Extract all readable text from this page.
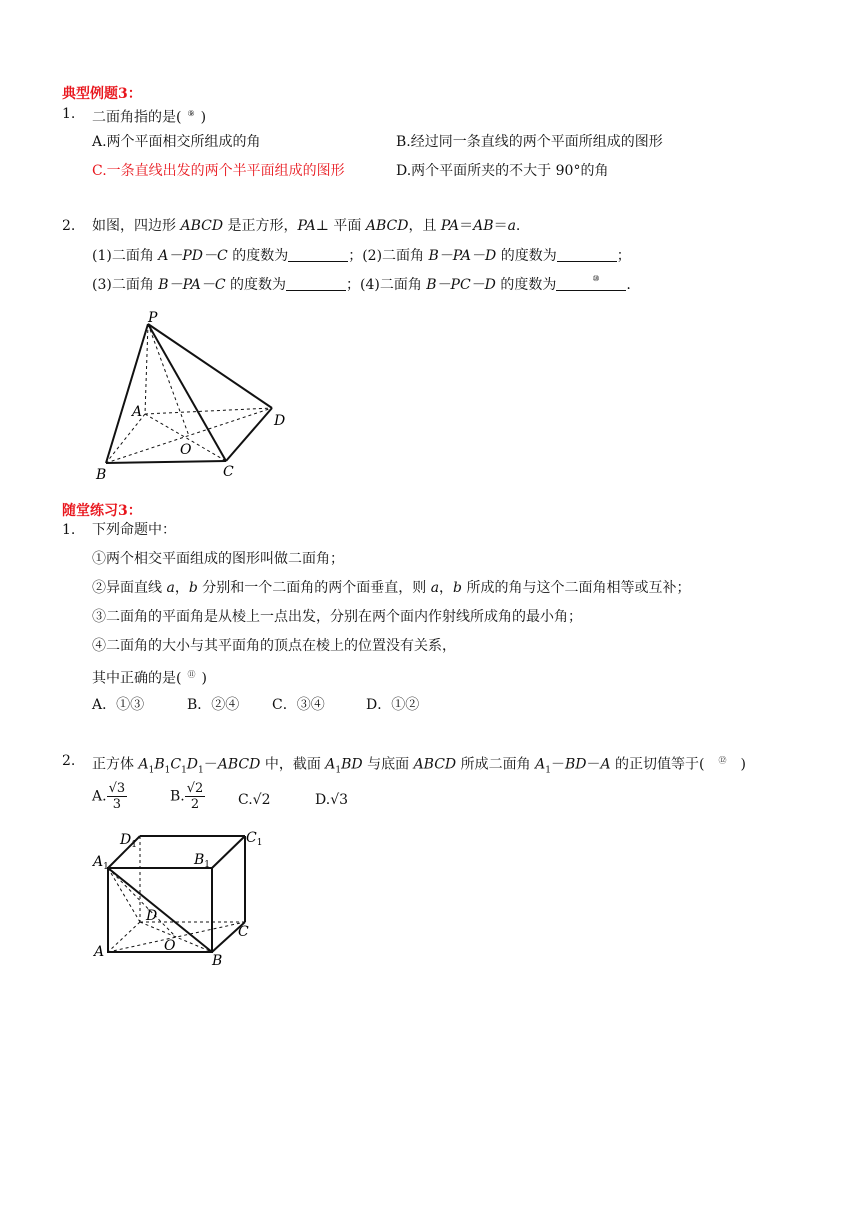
典型例题3：
1. 二面角指的是( ⑨ )
A.两个平面相交所组成的角	B.经过同一条直线的两个平面所组成的图形
C.一条直线出发的两个半平面组成的图形	D.两个平面所夹的不大于 90°的角
2. 如图，四边形 ABCD 是正方形，PA⊥ 平面 ABCD，且 PA＝AB＝a.
(1)二面角 A－PD－C 的度数为	；(2)二面角 B－PA－D 的度数为	；
(3)二面角 B－PA－C 的度数为	；(4)二面角 B－PC－D 的度数为	⑩ .
P
A
B	C
D
O
随堂练习3：
1. 下列命题中：
①两个相交平面组成的图形叫做二面角；
②异面直线 a，b 分别和一个二面角的两个面垂直，则 a，b 所成的角与这个二面角相等或互补；
③二面角的平面角是从棱上一点出发，分别在两个面内作射线所成角的最小角；
④二面角的大小与其平面角的顶点在棱上的位置没有关系，
其中正确的是( ⑪ )
A．①③	B．②④ C．③④	D．①②
2. 正方体 $A_1B_1C_1D_1-ABCD$ 中，截面 $A_1BD$ 与底面 ABCD 所成二面角 $A_1-BD-A$ 的正切值等于( ⑫ )
A. $\frac{√3}{3}$	B. $\frac{√2}{2} C.√2$	D.√3
$D_1$	$C_1$
$A_1$	$B_1$
D
C
O
A
B
